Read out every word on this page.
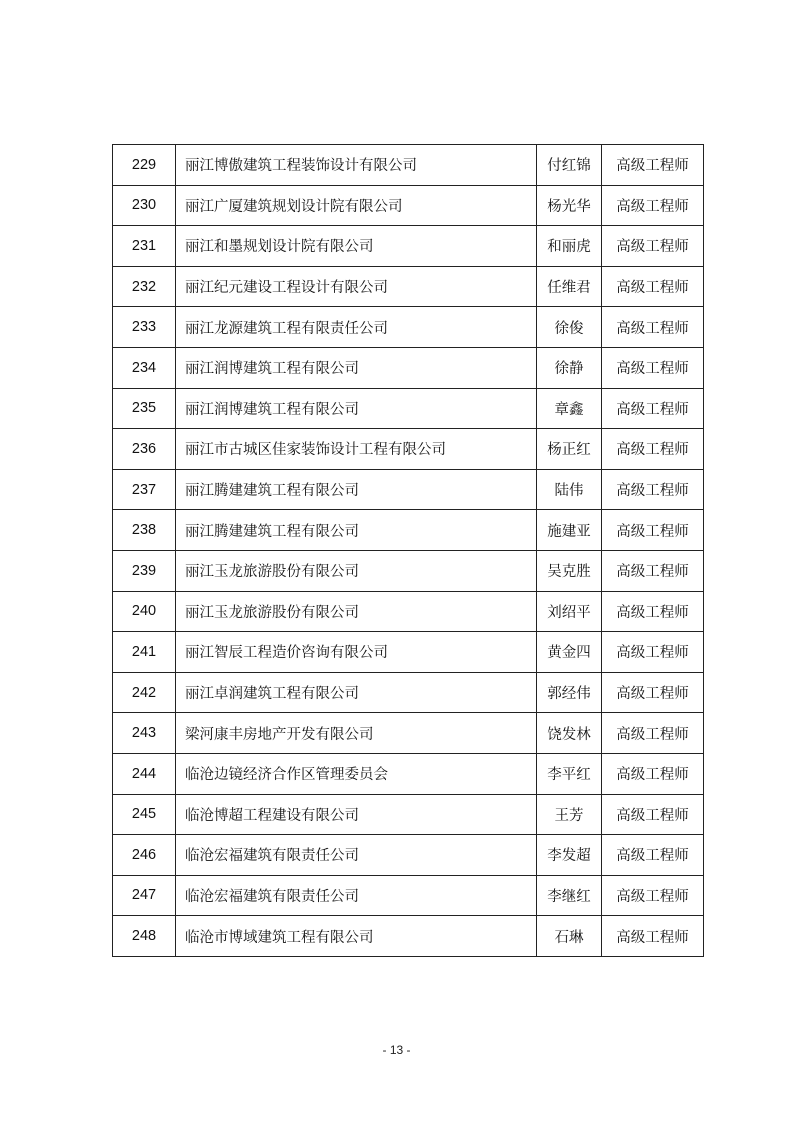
229	丽江博傲建筑工程装饰设计有限公司	付红锦	高级工程师
230	丽江广厦建筑规划设计院有限公司	杨光华	高级工程师
231	丽江和墨规划设计院有限公司	和丽虎	高级工程师
232	丽江纪元建设工程设计有限公司	任维君	高级工程师
233	丽江龙源建筑工程有限责任公司	徐俊	高级工程师
234	丽江润博建筑工程有限公司	徐静	高级工程师
235	丽江润博建筑工程有限公司	章鑫	高级工程师
236	丽江市古城区佳家装饰设计工程有限公司	杨正红	高级工程师
237	丽江腾建建筑工程有限公司	陆伟	高级工程师
238	丽江腾建建筑工程有限公司	施建亚	高级工程师
239	丽江玉龙旅游股份有限公司	吴克胜	高级工程师
240	丽江玉龙旅游股份有限公司	刘绍平	高级工程师
241	丽江智辰工程造价咨询有限公司	黄金四	高级工程师
242	丽江卓润建筑工程有限公司	郭经伟	高级工程师
243	梁河康丰房地产开发有限公司	饶发林	高级工程师
244	临沧边镜经济合作区管理委员会	李平红	高级工程师
245	临沧博超工程建设有限公司	王芳	高级工程师
246	临沧宏福建筑有限责任公司	李发超	高级工程师
247	临沧宏福建筑有限责任公司	李继红	高级工程师
248	临沧市博域建筑工程有限公司	石琳	高级工程师
- 13 -
